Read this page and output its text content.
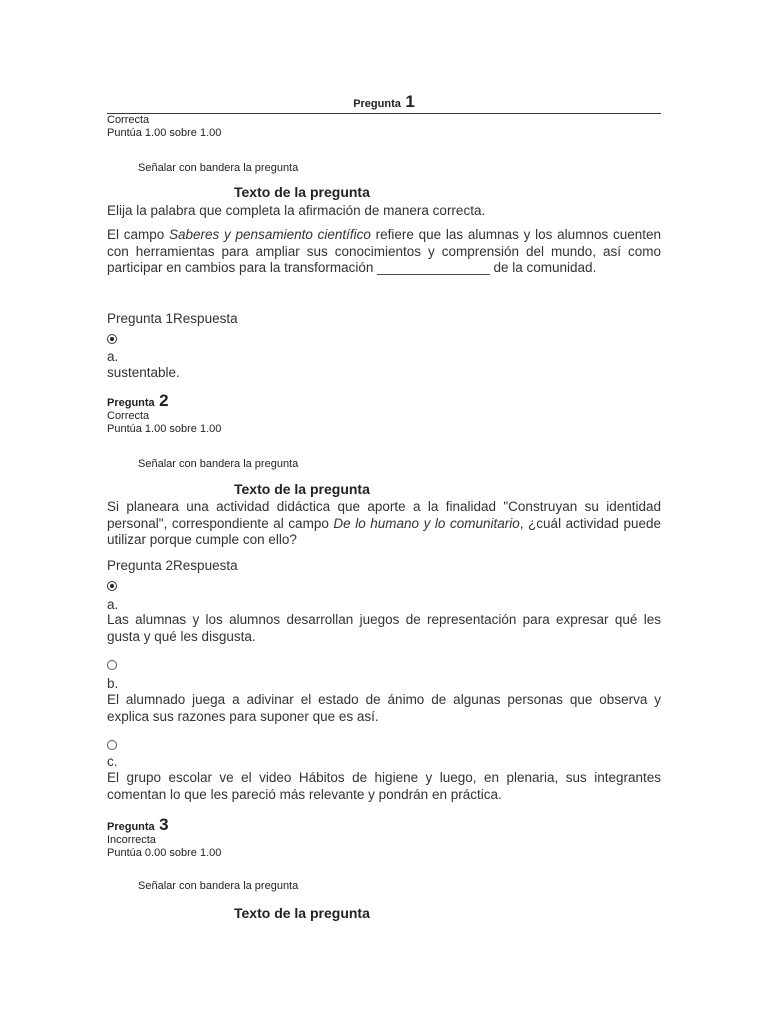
Pregunta 1
Correcta
Puntúa 1.00 sobre 1.00
Señalar con bandera la pregunta
Texto de la pregunta
Elija la palabra que completa la afirmación de manera correcta.
El campo Saberes y pensamiento científico refiere que las alumnas y los alumnos cuenten con herramientas para ampliar sus conocimientos y comprensión del mundo, así como participar en cambios para la transformación _______________ de la comunidad.
Pregunta 1Respuesta
a.
sustentable.
Pregunta 2
Correcta
Puntúa 1.00 sobre 1.00
Señalar con bandera la pregunta
Texto de la pregunta
Si planeara una actividad didáctica que aporte a la finalidad "Construyan su identidad personal", correspondiente al campo De lo humano y lo comunitario, ¿cuál actividad puede utilizar porque cumple con ello?
Pregunta 2Respuesta
a.
Las alumnas y los alumnos desarrollan juegos de representación para expresar qué les gusta y qué les disgusta.
b.
El alumnado juega a adivinar el estado de ánimo de algunas personas que observa y explica sus razones para suponer que es así.
c.
El grupo escolar ve el video Hábitos de higiene y luego, en plenaria, sus integrantes comentan lo que les pareció más relevante y pondrán en práctica.
Pregunta 3
Incorrecta
Puntúa 0.00 sobre 1.00
Señalar con bandera la pregunta
Texto de la pregunta
